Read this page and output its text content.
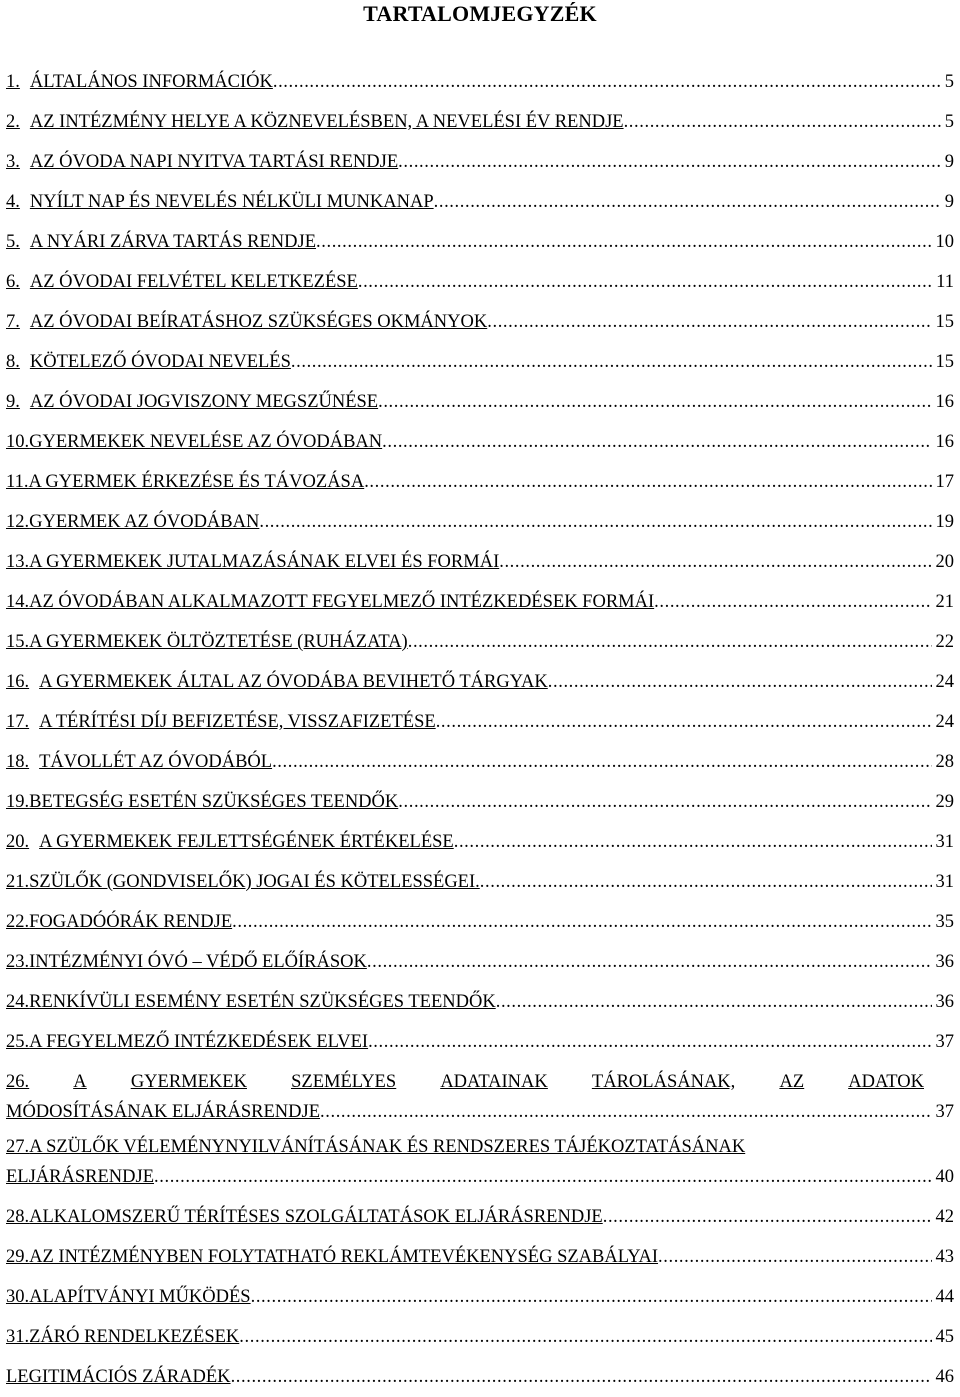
TARTALOMJEGYZÉK
1. ÁLTALÁNOS INFORMÁCIÓK .....	5
2. AZ INTÉZMÉNY HELYE A KÖZNEVELÉSBEN, A NEVELÉSI ÉV RENDJE .....	5
3. AZ ÓVODA NAPI NYITVA TARTÁSI RENDJE .....	9
4. NYÍLT NAP ÉS NEVELÉS NÉLKÜLI MUNKANAP .....	9
5. A NYÁRI ZÁRVA TARTÁS RENDJE .....	10
6. AZ ÓVODAI FELVÉTEL KELETKEZÉSE .....	11
7. AZ ÓVODAI BEÍRATÁSHOZ SZÜKSÉGES OKMÁNYOK .....	15
8. KÖTELEZŐ ÓVODAI NEVELÉS .....	15
9. AZ ÓVODAI JOGVISZONY MEGSZŰNÉSE .....	16
10. GYERMEKEK NEVELÉSE AZ ÓVODÁBAN .....	16
11. A GYERMEK ÉRKEZÉSE ÉS TÁVOZÁSA .....	17
12. GYERMEK AZ ÓVODÁBAN .....	19
13. A GYERMEKEK JUTALMAZÁSÁNAK ELVEI ÉS FORMÁI .....	20
14. AZ ÓVODÁBAN ALKALMAZOTT FEGYELMEZŐ INTÉZKEDÉSEK FORMÁI .....	21
15. A GYERMEKEK ÖLTÖZTETÉSE (RUHÁZATA) .....	22
16. A GYERMEKEK ÁLTAL AZ ÓVODÁBA BEVIHETŐ TÁRGYAK .....	24
17. A TÉRÍTÉSI DÍJ BEFIZETÉSE, VISSZAFIZETÉSE .....	24
18. TÁVOLLÉT AZ ÓVODÁBÓL .....	28
19. BETEGSÉG ESETÉN SZÜKSÉGES TEENDŐK .....	29
20. A GYERMEKEK FEJLETTSÉGÉNEK ÉRTÉKELÉSE .....	31
21. SZÜLŐK (GONDVISELŐK) JOGAI ÉS KÖTELESSÉGEI. .....	31
22. FOGADÓÓRÁK RENDJE .....	35
23. INTÉZMÉNYI ÓVÓ – VÉDŐ ELŐÍRÁSOK .....	36
24. RENKÍVÜLI ESEMÉNY ESETÉN SZÜKSÉGES TEENDŐK .....	36
25. A FEGYELMEZŐ INTÉZKEDÉSEK ELVEI .....	37
26. A GYERMEKEK SZEMÉLYES ADATAINAK TÁROLÁSÁNAK, AZ ADATOK
MÓDOSÍTÁSÁNAK ELJÁRÁSRENDJE .....	37
27. A SZÜLŐK VÉLEMÉNYNYILVÁNÍTÁSÁNAK ÉS RENDSZERES TÁJÉKOZTATÁSÁNAK
ELJÁRÁSRENDJE .....	40
28. ALKALOMSZERŰ TÉRÍTÉSES SZOLGÁLTATÁSOK ELJÁRÁSRENDJE .....	42
29. AZ INTÉZMÉNYBEN FOLYTATHATÓ REKLÁMTEVÉKENYSÉG SZABÁLYAI .....	43
30. ALAPÍTVÁNYI MŰKÖDÉS .....	44
31. ZÁRÓ RENDELKEZÉSEK .....	45
LEGITIMÁCIÓS ZÁRADÉK .....	46
